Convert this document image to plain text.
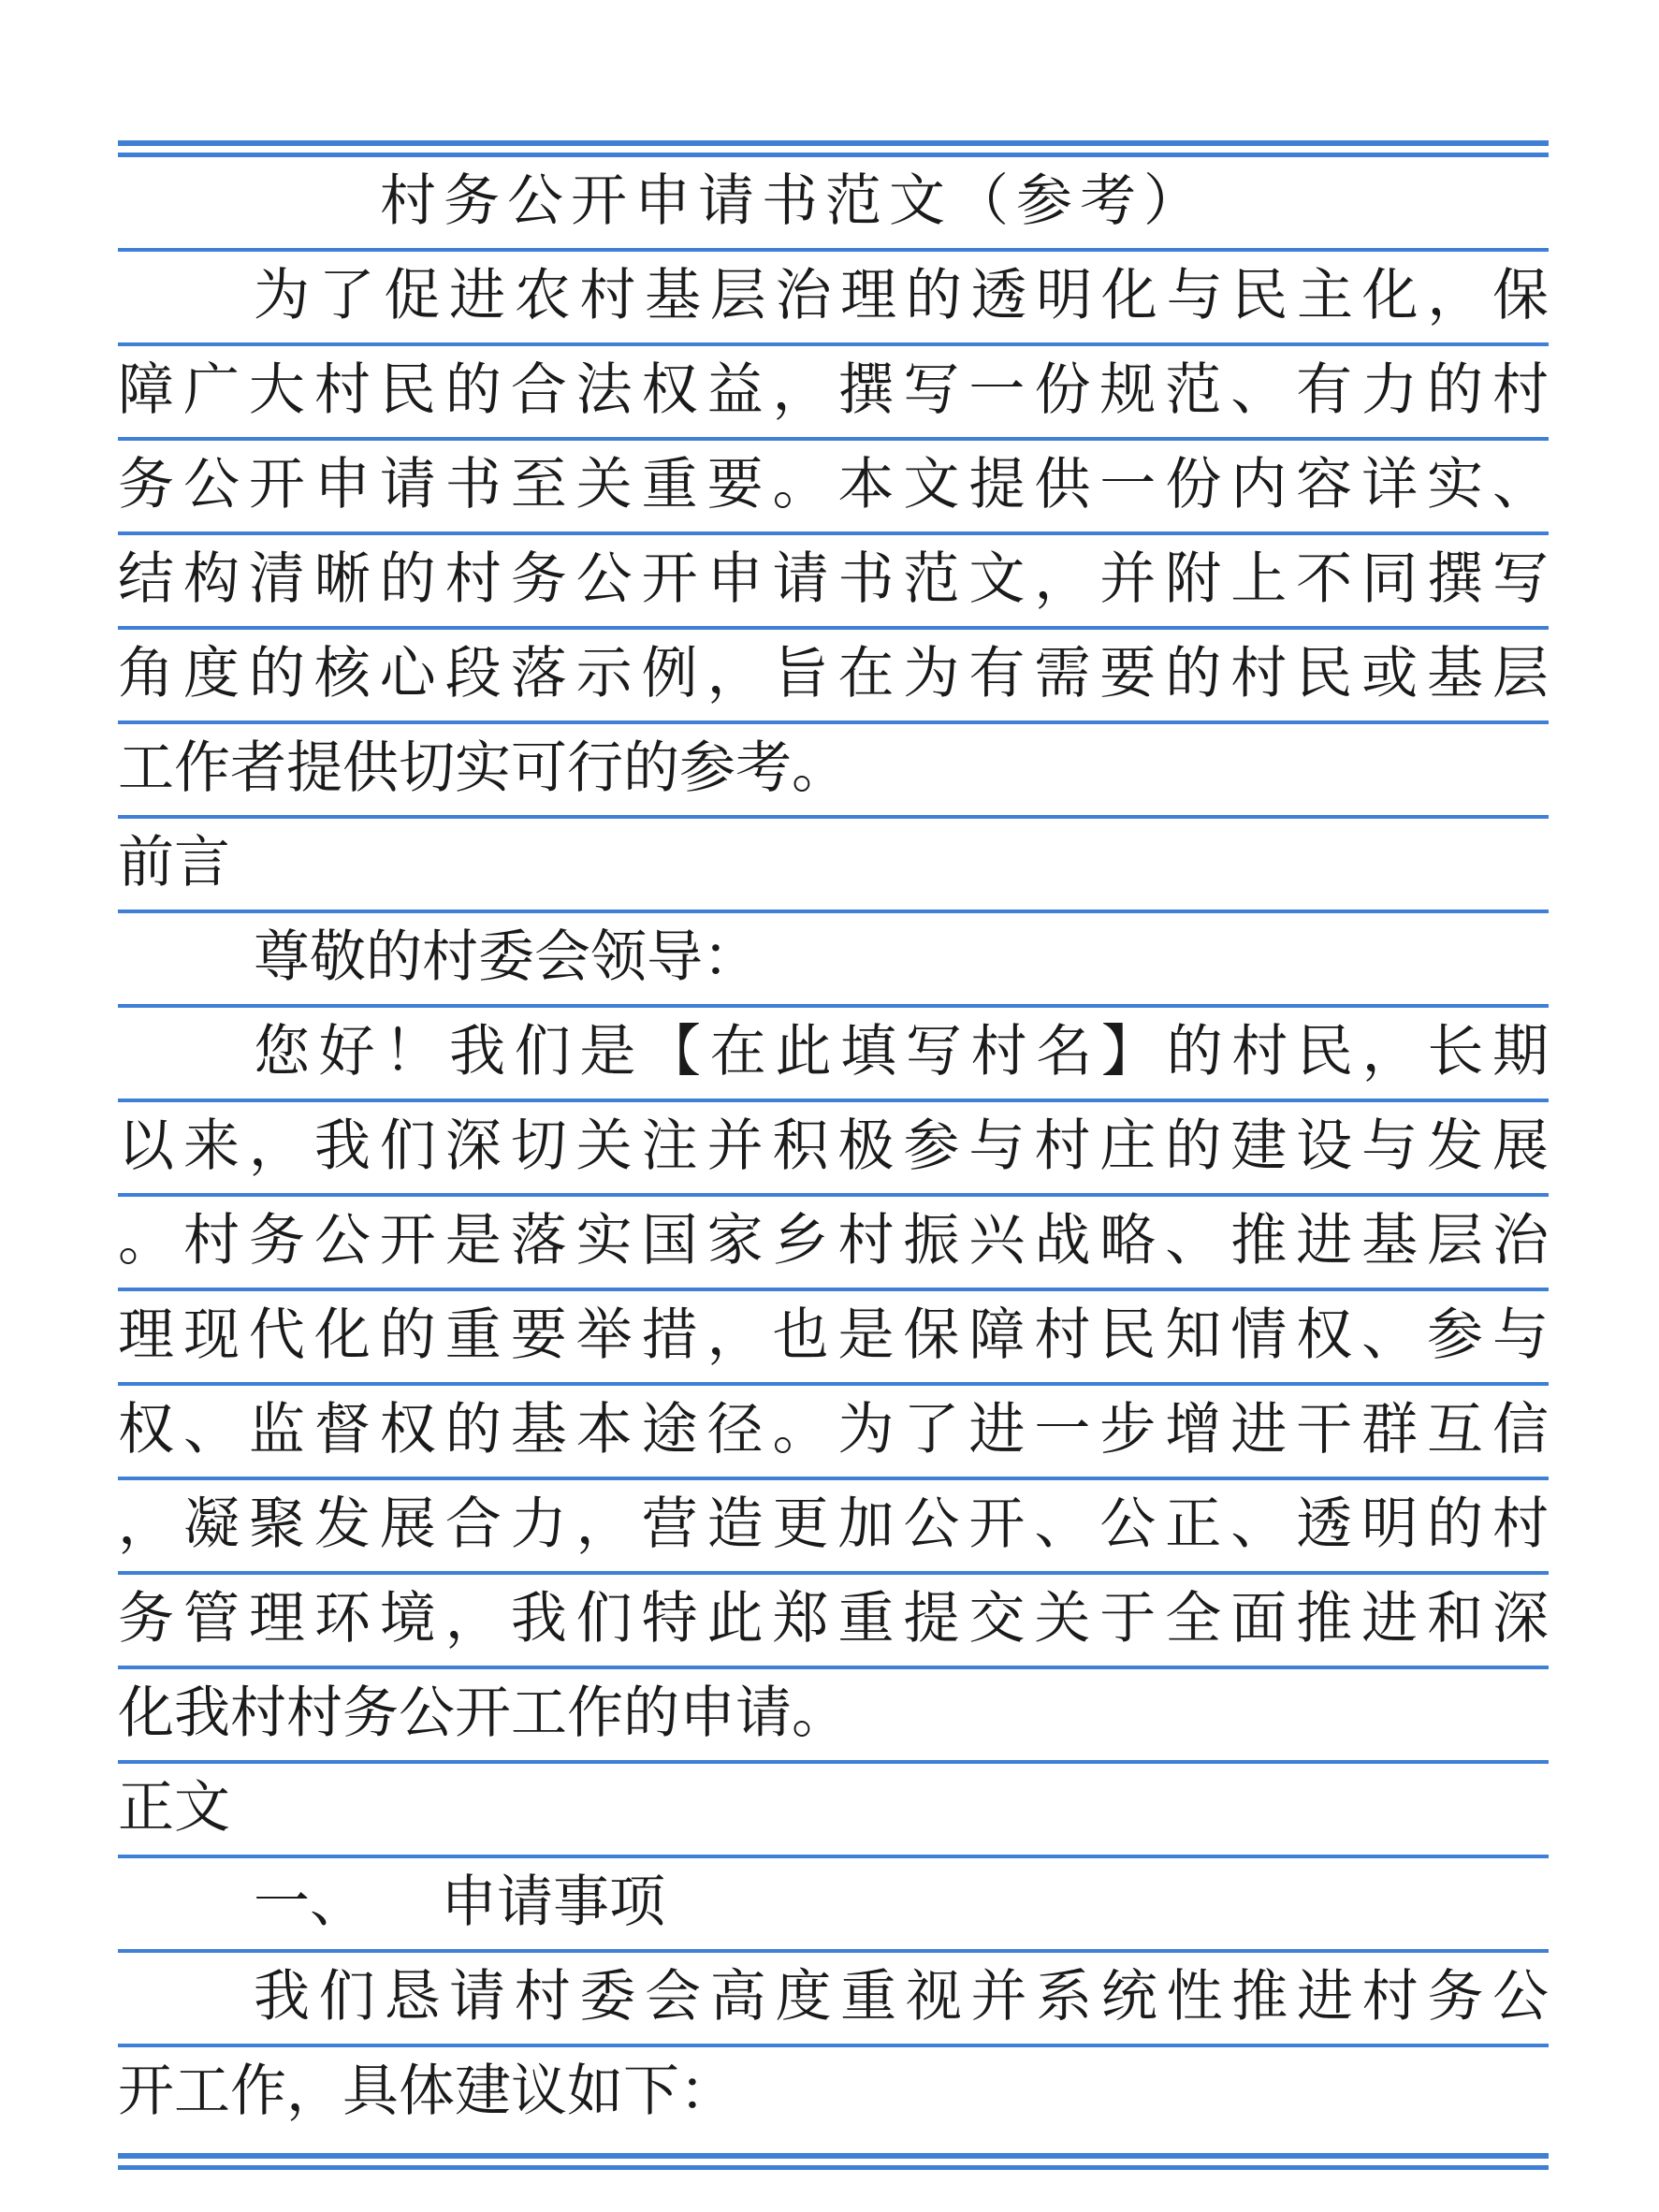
村务公开申请书范文（参考）
为了促进农村基层治理的透明化与民主化，保
障广大村民的合法权益，撰写一份规范、有力的村
务公开申请书至关重要。本文提供一份内容详实、
结构清晰的村务公开申请书范文，并附上不同撰写
角度的核心段落示例，旨在为有需要的村民或基层
工作者提供切实可行的参考。
前言
尊敬的村委会领导：
您好！我们是【在此填写村名】的村民，长期
以来，我们深切关注并积极参与村庄的建设与发展
。村务公开是落实国家乡村振兴战略、推进基层治
理现代化的重要举措，也是保障村民知情权、参与
权、监督权的基本途径。为了进一步增进干群互信
，凝聚发展合力，营造更加公开、公正、透明的村
务管理环境，我们特此郑重提交关于全面推进和深
化我村村务公开工作的申请。
正文
一、 申请事项
我们恳请村委会高度重视并系统性推进村务公
开工作，具体建议如下：
